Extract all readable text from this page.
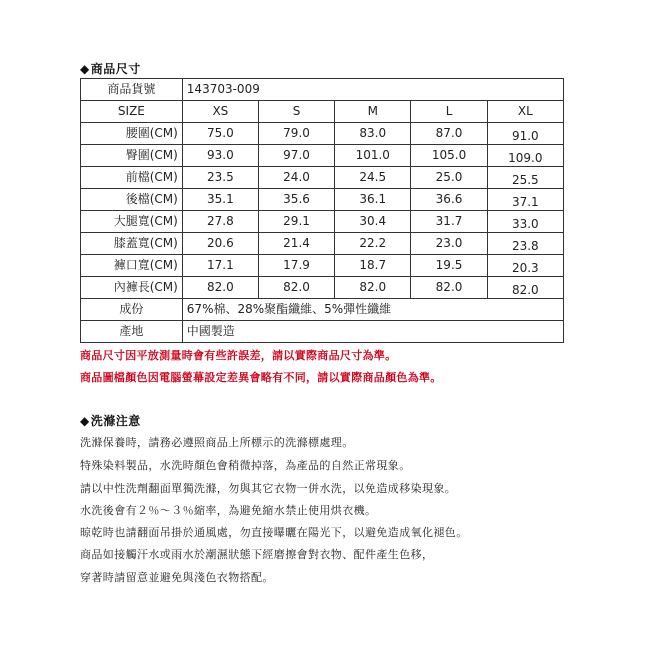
◆商品尺寸
商品貨號	143703-009				
SIZE	XS	S	M	L	XL
腰圍(CM)	75.0	79.0	83.0	87.0	91.0
臀圍(CM)	93.0	97.0	101.0	105.0	109.0
前檔(CM)	23.5	24.0	24.5	25.0	25.5
後檔(CM)	35.1	35.6	36.1	36.6	37.1
大腿寬(CM)	27.8	29.1	30.4	31.7	33.0
膝蓋寬(CM)	20.6	21.4	22.2	23.0	23.8
褲口寬(CM)	17.1	17.9	18.7	19.5	20.3
內褲長(CM)	82.0	82.0	82.0	82.0	82.0
成份	67%棉、28%聚酯纖維、5%彈性纖維				
產地	中國製造				
商品尺寸因平放測量時會有些許誤差，請以實際商品尺寸為準。
商品圖檔顏色因電腦螢幕設定差異會略有不同，請以實際商品顏色為準。
◆洗滌注意
洗滌保養時，請務必遵照商品上所標示的洗滌標處理。
特殊染料製品，水洗時顏色會稍微掉落，為產品的自然正常現象。
請以中性洗劑翻面單獨洗滌，勿與其它衣物一併水洗，以免造成移染現象。
水洗後會有２％～３％縮率，為避免縮水禁止使用烘衣機。
晾乾時也請翻面吊掛於通風處，勿直接曝曬在陽光下，以避免造成氧化褪色。
商品如接觸汗水或雨水於潮濕狀態下經磨擦會對衣物、配件產生色移，
穿著時請留意並避免與淺色衣物搭配。
